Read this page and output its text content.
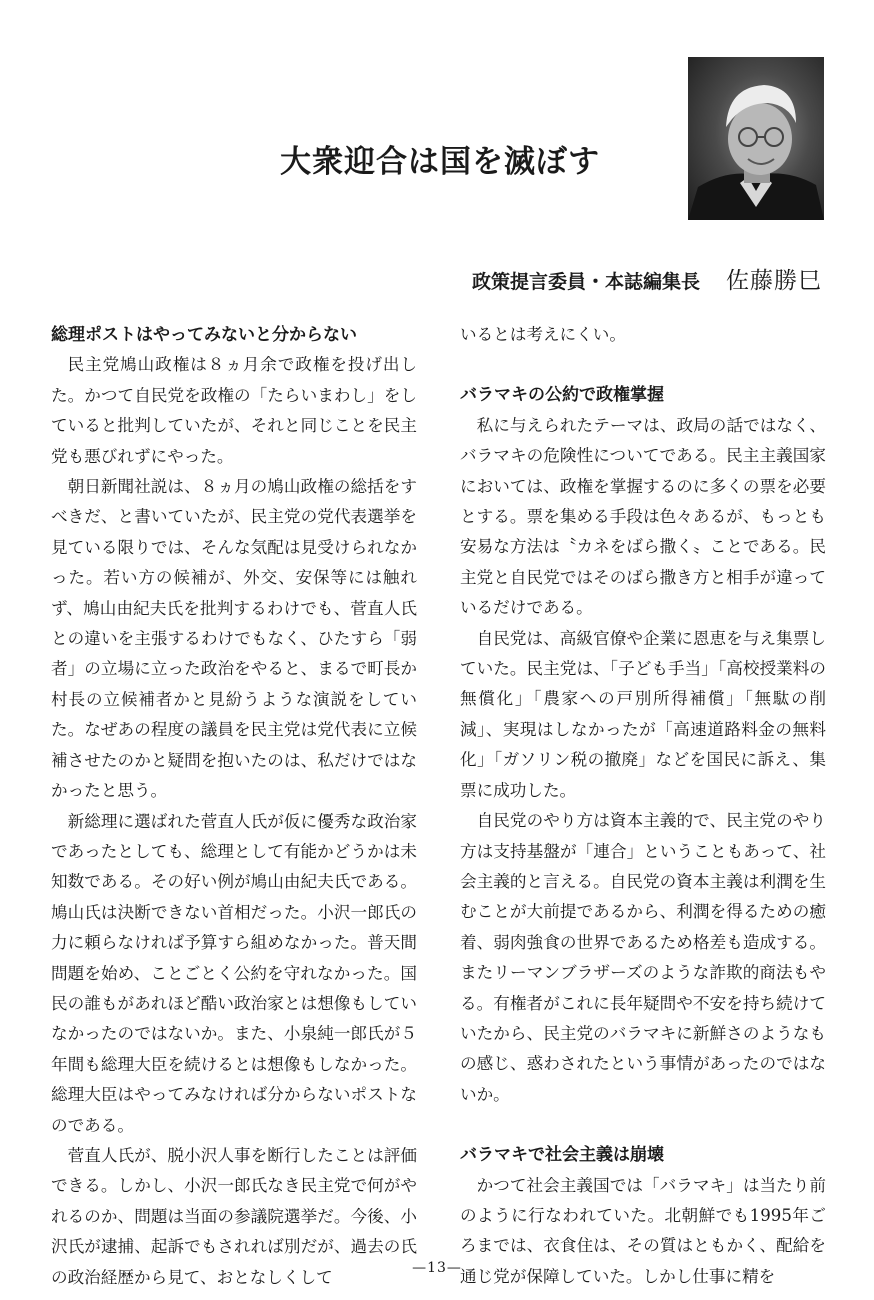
大衆迎合は国を滅ぼす
政策提言委員・本誌編集長 佐藤勝巳
総理ポストはやってみないと分からない

民主党鳩山政権は８ヵ月余で政権を投げ出した。かつて自民党を政権の「たらいまわし」をしていると批判していたが、それと同じことを民主党も悪びれずにやった。

朝日新聞社説は、８ヵ月の鳩山政権の総括をすべきだ、と書いていたが、民主党の党代表選挙を見ている限りでは、そんな気配は見受けられなかった。若い方の候補が、外交、安保等には触れず、鳩山由紀夫氏を批判するわけでも、菅直人氏との違いを主張するわけでもなく、ひたすら「弱者」の立場に立った政治をやると、まるで町長か村長の立候補者かと見紛うような演説をしていた。なぜあの程度の議員を民主党は党代表に立候補させたのかと疑問を抱いたのは、私だけではなかったと思う。

新総理に選ばれた菅直人氏が仮に優秀な政治家であったとしても、総理として有能かどうかは未知数である。その好い例が鳩山由紀夫氏である。鳩山氏は決断できない首相だった。小沢一郎氏の力に頼らなければ予算すら組めなかった。普天間問題を始め、ことごとく公約を守れなかった。国民の誰もがあれほど酷い政治家とは想像もしていなかったのではないか。また、小泉純一郎氏が５年間も総理大臣を続けるとは想像もしなかった。総理大臣はやってみなければ分からないポストなのである。

菅直人氏が、脱小沢人事を断行したことは評価できる。しかし、小沢一郎氏なき民主党で何がやれるのか、問題は当面の参議院選挙だ。今後、小沢氏が逮捕、起訴でもされれば別だが、過去の氏の政治経歴から見て、おとなしくして

いるとは考えにくい。

バラマキの公約で政権掌握

私に与えられたテーマは、政局の話ではなく、バラマキの危険性についてである。民主主義国家においては、政権を掌握するのに多くの票を必要とする。票を集める手段は色々あるが、もっとも安易な方法は〝カネをばら撒く〟ことである。民主党と自民党ではそのばら撒き方と相手が違っているだけである。

自民党は、高級官僚や企業に恩恵を与え集票していた。民主党は、「子ども手当」「高校授業料の無償化」「農家への戸別所得補償」「無駄の削減」、実現はしなかったが「高速道路料金の無料化」「ガソリン税の撤廃」などを国民に訴え、集票に成功した。

自民党のやり方は資本主義的で、民主党のやり方は支持基盤が「連合」ということもあって、社会主義的と言える。自民党の資本主義は利潤を生むことが大前提であるから、利潤を得るための癒着、弱肉強食の世界であるため格差も造成する。またリーマンブラザーズのような詐欺的商法もやる。有権者がこれに長年疑問や不安を持ち続けていたから、民主党のバラマキに新鮮さのようなもの感じ、惑わされたという事情があったのではないか。

バラマキで社会主義は崩壊

かつて社会主義国では「バラマキ」は当たり前のように行なわれていた。北朝鮮でも1995年ごろまでは、衣食住は、その質はともかく、配給を通じ党が保障していた。しかし仕事に精を

—13—
